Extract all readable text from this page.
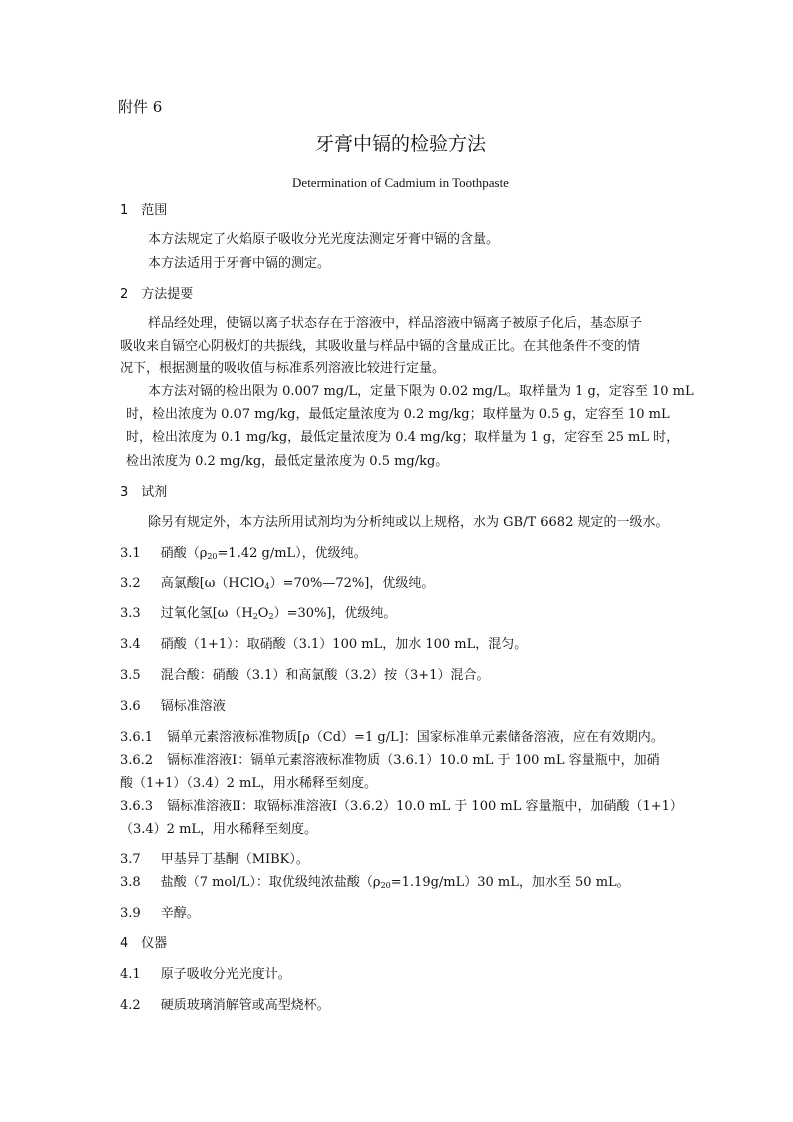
附件 6

牙膏中镉的检验方法

Determination of Cadmium in Toothpaste

1　范围

本方法规定了火焰原子吸收分光光度法测定牙膏中镉的含量。

本方法适用于牙膏中镉的测定。

2　方法提要

样品经处理，使镉以离子状态存在于溶液中，样品溶液中镉离子被原子化后，基态原子

吸收来自镉空心阴极灯的共振线，其吸收量与样品中镉的含量成正比。在其他条件不变的情

况下，根据测量的吸收值与标准系列溶液比较进行定量。

本方法对镉的检出限为 0.007 mg/L，定量下限为 0.02 mg/L。取样量为 1 g，定容至 10 mL

时，检出浓度为 0.07 mg/kg，最低定量浓度为 0.2 mg/kg；取样量为 0.5 g，定容至 10 mL

时，检出浓度为 0.1 mg/kg，最低定量浓度为 0.4 mg/kg；取样量为 1 g，定容至 25 mL 时，

检出浓度为 0.2 mg/kg，最低定量浓度为 0.5 mg/kg。

3　试剂

除另有规定外，本方法所用试剂均为分析纯或以上规格，水为 GB/T 6682 规定的一级水。

3.1 硝酸（$\rho_{20}=1.42$ g/mL），优级纯。

3.2 高氯酸[ω（HClO$_4$）=70%—72%]，优级纯。

3.3 过氧化氢$[\omega(H_2O_2)=30\%]$，优级纯。

3.4 硝酸（1+1）：取硝酸（3.1）100 mL，加水 100 mL，混匀。

3.5 混合酸：硝酸（3.1）和高氯酸（3.2）按（3+1）混合。

3.6 镉标准溶液

3.6.1 镉单元素溶液标准物质[ρ（Cd）=1 g/L]：国家标准单元素储备溶液，应在有效期内。

3.6.2 镉标准溶液Ⅰ：镉单元素溶液标准物质（3.6.1）10.0 mL 于 100 mL 容量瓶中，加硝

酸（1+1）（3.4）2 mL，用水稀释至刻度。

3.6.3 镉标准溶液Ⅱ：取镉标准溶液Ⅰ（3.6.2）10.0 mL 于 100 mL 容量瓶中，加硝酸（1+1）

（3.4）2 mL，用水稀释至刻度。

3.7 甲基异丁基酮（MIBK）。

3.8 盐酸（7 mol/L）：取优级纯浓盐酸$(\rho_{20}=1.19g/mL)30$ mL，加水至 50 mL。

3.9 辛醇。

4　仪器

4.1 原子吸收分光光度计。

4.2 硬质玻璃消解管或高型烧杯。
